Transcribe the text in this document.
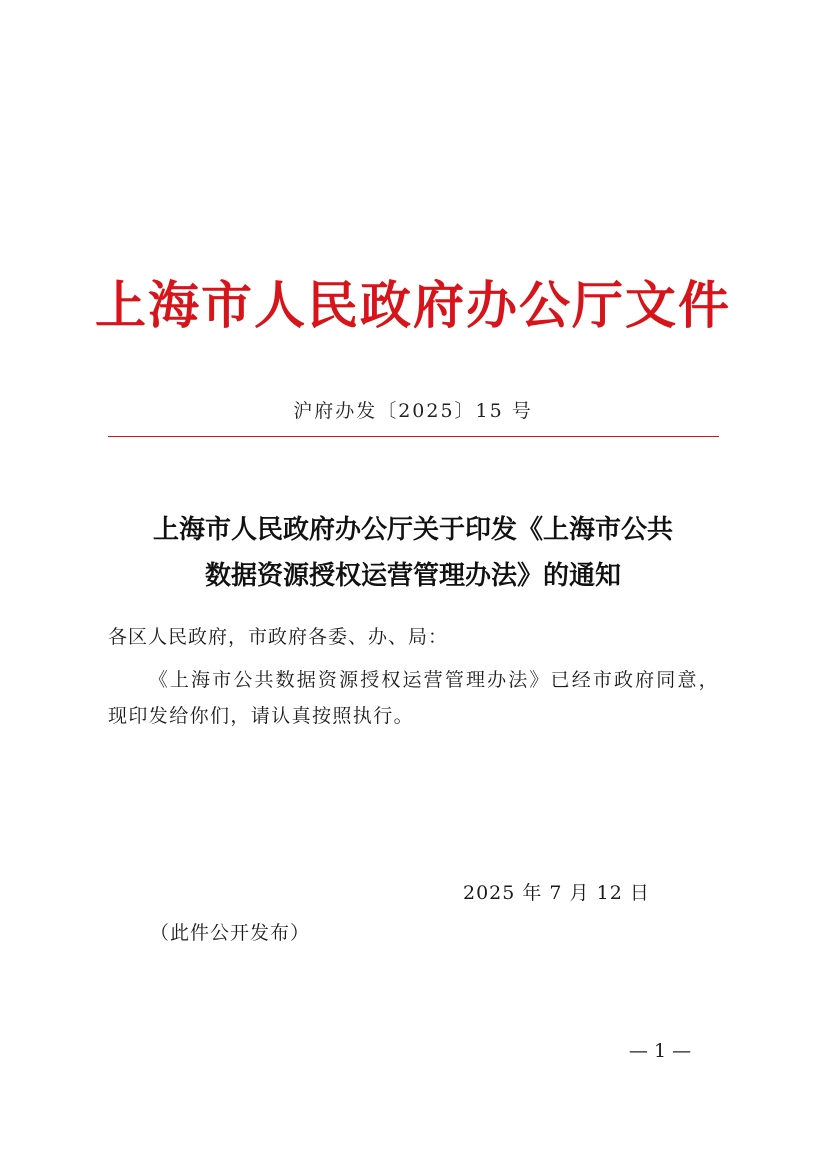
上海市人民政府办公厅文件
沪府办发〔2025〕15 号
上海市人民政府办公厅关于印发《上海市公共
数据资源授权运营管理办法》的通知
各区人民政府，市政府各委、办、局：
《上海市公共数据资源授权运营管理办法》已经市政府同意，现印发给你们，请认真按照执行。
2025 年 7 月 12 日
（此件公开发布）
— 1 —
